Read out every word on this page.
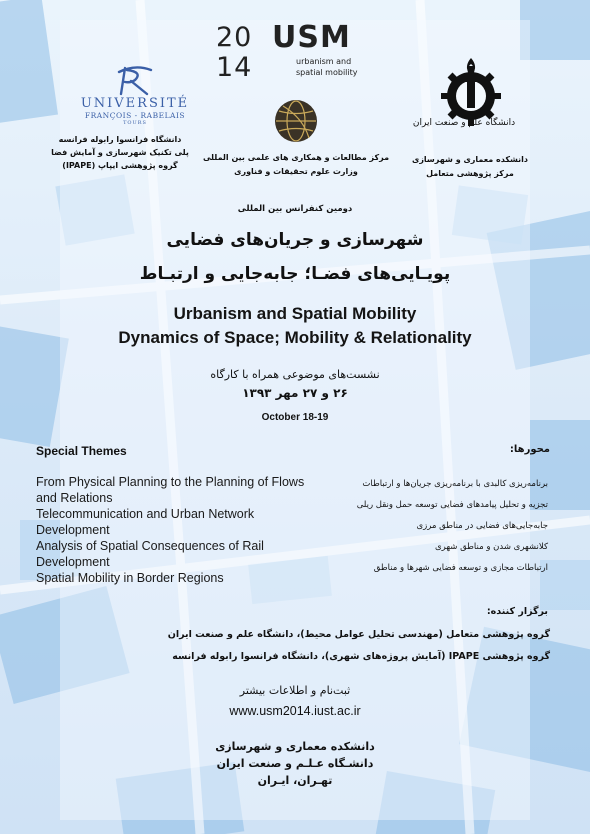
20
14
USM
urbanism and
spatial mobility
UNIVERSITÉ
FRANÇOIS - RABELAIS
TOURS
دانشگاه فرانسوا رابوله فرانسه
پلی تکنیک شهرسازی و آمایش فضا
گروه پژوهشی ایپاپ (IPAPE)
مرکز مطالعات و همکاری های علمی بین المللی
وزارت علوم تحقیقات و فناوری
دانشگاه علم و صنعت ایران
دانشکده معماری و شهرسازی
مرکز پژوهشی متعامل
دومین کنفرانس بین المللی
شهرسازی و جریان‌های فضایی
پویـایی‌های فضـا؛ جابه‌جایی و ارتبـاط
Urbanism and Spatial Mobility
Dynamics of Space; Mobility & Relationality
نشست‌های موضوعی همراه با کارگاه
۲۶ و ۲۷ مهر ۱۳۹۳
October 18-19
Special Themes

From Physical Planning to the Planning of Flows and Relations

Telecommunication and Urban Network Development

Analysis of Spatial Consequences of Rail Development

Spatial Mobility in Border Regions

محورها:
برنامه‌ریزی کالبدی با برنامه‌ریزی جریان‌ها و ارتباطات
تجزیه و تحلیل پیامدهای فضایی توسعه حمل ونقل ریلی
جابه‌جایی‌های فضایی در مناطق مرزی
کلانشهری شدن و مناطق شهری
ارتباطات مجازی و توسعه فضایی شهرها و مناطق
برگزار کننده:
گروه پژوهشی متعامل (مهندسی تحلیل عوامل محیط)، دانشگاه علم و صنعت ایران
گروه پژوهشی IPAPE (آمایش پروژه‌های شهری)، دانشگاه فرانسوا رابوله فرانسه
ثبت‌نام و اطلاعات بیشتر
www.usm2014.iust.ac.ir
دانشکده معماری و شهرسازی
دانشـگاه عـلـم و صنعت ایران
تهـران، ایـران
